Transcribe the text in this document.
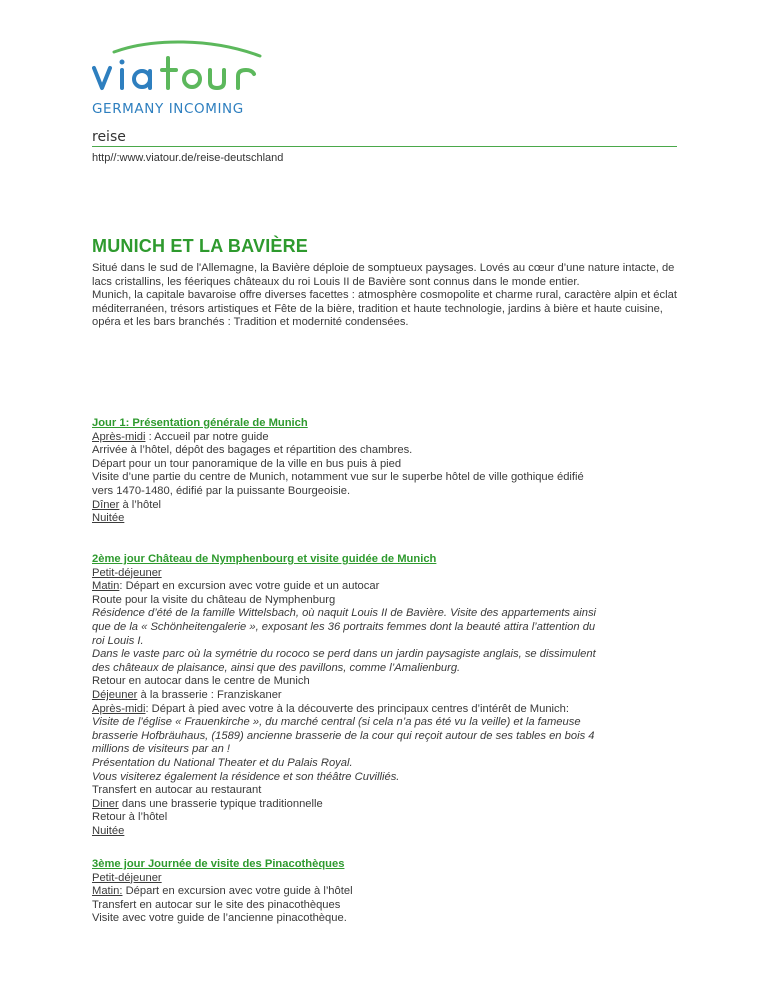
GERMANY INCOMING
reise
http//:www.viatour.de/reise-deutschland
MUNICH ET LA BAVIÈRE

Situé dans le sud de l'Allemagne, la Bavière déploie de somptueux paysages. Lovés au cœur d’une nature intacte, de lacs cristallins, les féeriques châteaux du roi Louis II de Bavière sont connus dans le monde entier.

Munich, la capitale bavaroise offre diverses facettes : atmosphère cosmopolite et charme rural, caractère alpin et éclat méditerranéen, trésors artistiques et Fête de la bière, tradition et haute technologie, jardins à bière et haute cuisine, opéra et les bars branchés : Tradition et modernité condensées.

Jour 1: Présentation générale de Munich
Après-midi : Accueil par notre guide
Arrivée à l’hôtel, dépôt des bagages et répartition des chambres.
Départ pour un tour panoramique de la ville en bus puis à pied
Visite d’une partie du centre de Munich, notamment vue sur le superbe hôtel de ville gothique édifié
vers 1470-1480, édifié par la puissante Bourgeoisie.
Dîner à l’hôtel
Nuitée
2ème jour Château de Nymphenbourg et visite guidée de Munich
Petit-déjeuner
Matin: Départ en excursion avec votre guide et un autocar
Route pour la visite du château de Nymphenburg
Résidence d’été de la famille Wittelsbach, où naquit Louis II de Bavière. Visite des appartements ainsi
que de la « Schönheitengalerie », exposant les 36 portraits femmes dont la beauté attira l’attention du
roi Louis I.
Dans le vaste parc où la symétrie du rococo se perd dans un jardin paysagiste anglais, se dissimulent
des châteaux de plaisance, ainsi que des pavillons, comme l’Amalienburg.
Retour en autocar dans le centre de Munich
Déjeuner à la brasserie : Franziskaner
Après-midi: Départ à pied avec votre à la découverte des principaux centres d’intérêt de Munich:
Visite de l’église « Frauenkirche », du marché central (si cela n’a pas été vu la veille) et la fameuse
brasserie Hofbräuhaus, (1589) ancienne brasserie de la cour qui reçoit autour de ses tables en bois 4
millions de visiteurs par an !
Présentation du National Theater et du Palais Royal.
Vous visiterez également la résidence et son théâtre Cuvilliés.
Transfert en autocar au restaurant
Diner dans une brasserie typique traditionnelle
Retour à l’hôtel
Nuitée
3ème jour Journée de visite des Pinacothèques
Petit-déjeuner
Matin: Départ en excursion avec votre guide à l’hôtel
Transfert en autocar sur le site des pinacothèques
Visite avec votre guide de l’ancienne pinacothèque.
